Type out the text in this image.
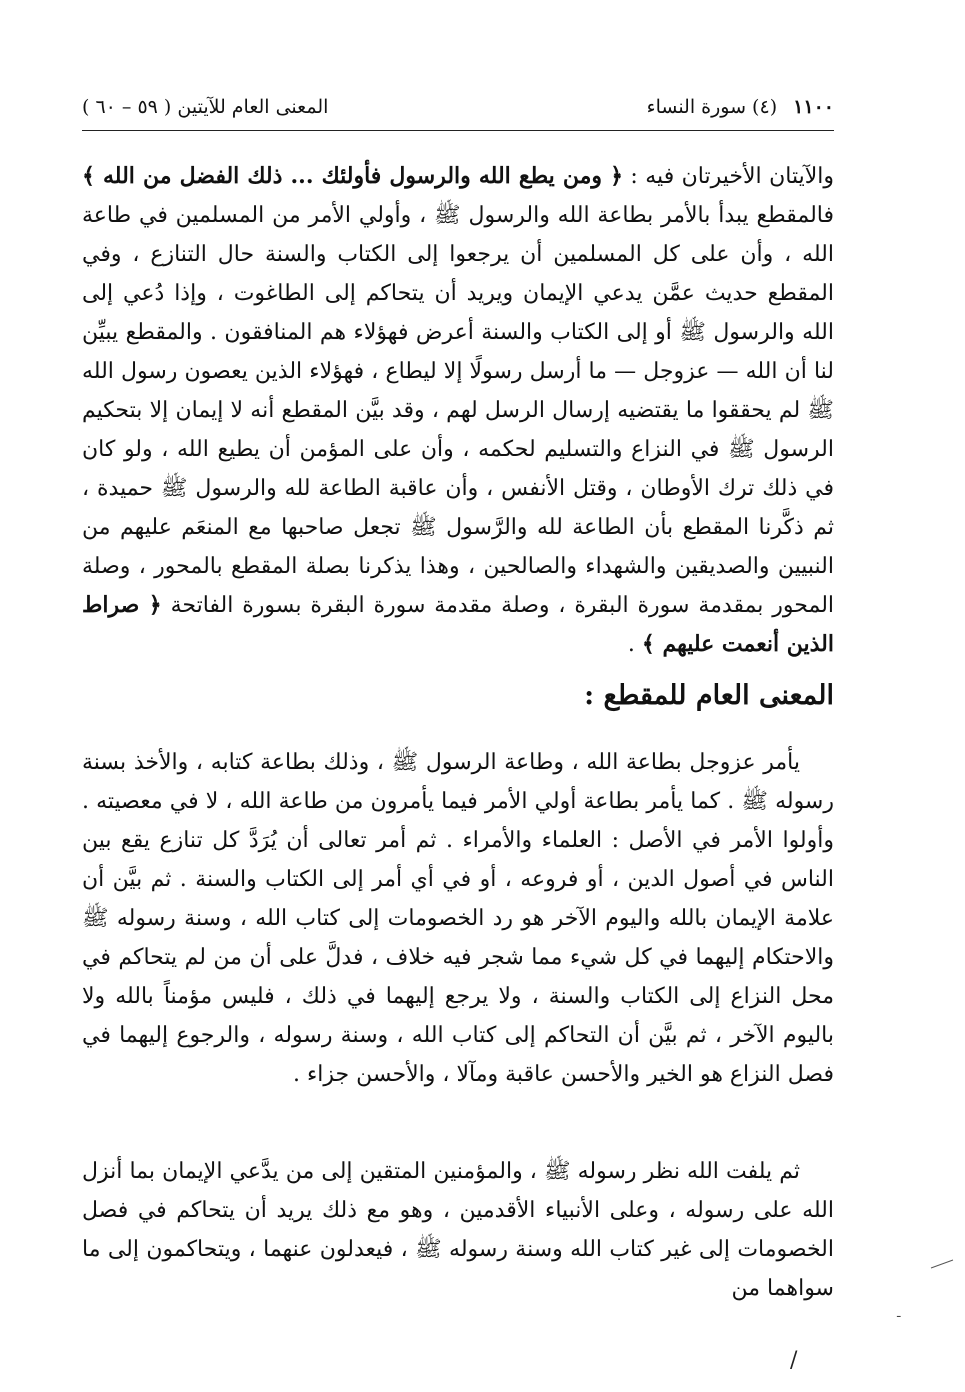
١١٠٠ (٤) سورة النساء
المعنى العام للآيتين ( ٥٩ – ٦٠ )

والآيتان الأخيرتان فيه : ﴿ ومن يطع الله والرسول فأولئك ... ذلك الفضل من الله ﴾ فالمقطع يبدأ بالأمر بطاعة الله والرسول ﷺ ، وأولي الأمر من المسلمين في طاعة الله ، وأن على كل المسلمين أن يرجعوا إلى الكتاب والسنة حال التنازع ، وفي المقطع حديث عمَّن يدعي الإيمان ويريد أن يتحاكم إلى الطاغوت ، وإذا دُعي إلى الله والرسول ﷺ أو إلى الكتاب والسنة أعرض فهؤلاء هم المنافقون . والمقطع يبيِّن لنا أن الله — عزوجل — ما أرسل رسولًا إلا ليطاع ، فهؤلاء الذين يعصون رسول الله ﷺ لم يحققوا ما يقتضيه إرسال الرسل لهم ، وقد بيَّن المقطع أنه لا إيمان إلا بتحكيم الرسول ﷺ في النزاع والتسليم لحكمه ، وأن على المؤمن أن يطيع الله ، ولو كان في ذلك ترك الأوطان ، وقتل الأنفس ، وأن عاقبة الطاعة لله والرسول ﷺ حميدة ، ثم ذكَّرنا المقطع بأن الطاعة لله والرَّسول ﷺ تجعل صاحبها مع المنعَم عليهم من النبيين والصديقين والشهداء والصالحين ، وهذا يذكرنا بصلة المقطع بالمحور ، وصلة المحور بمقدمة سورة البقرة ، وصلة مقدمة سورة البقرة بسورة الفاتحة ﴿ صراط الذين أنعمت عليهم ﴾ .

المعنى العام للمقطع :

يأمر عزوجل بطاعة الله ، وطاعة الرسول ﷺ ، وذلك بطاعة كتابه ، والأخذ بسنة رسوله ﷺ . كما يأمر بطاعة أولي الأمر فيما يأمرون من طاعة الله ، لا في معصيته . وأولوا الأمر في الأصل : العلماء والأمراء . ثم أمر تعالى أن يُرَدَّ كل تنازع يقع بين الناس في أصول الدين ، أو فروعه ، أو في أي أمر إلى الكتاب والسنة . ثم بيَّن أن علامة الإيمان بالله واليوم الآخر هو رد الخصومات إلى كتاب الله ، وسنة رسوله ﷺ والاحتكام إليهما في كل شيء مما شجر فيه خلاف ، فدلَّ على أن من لم يتحاكم في محل النزاع إلى الكتاب والسنة ، ولا يرجع إليهما في ذلك ، فليس مؤمناً بالله ولا باليوم الآخر ، ثم بيَّن أن التحاكم إلى كتاب الله ، وسنة رسوله ، والرجوع إليهما في فصل النزاع هو الخير والأحسن عاقبة ومآلا ، والأحسن جزاء .

ثم يلفت الله نظر رسوله ﷺ ، والمؤمنين المتقين إلى من يدَّعي الإيمان بما أنزل الله على رسوله ، وعلى الأنبياء الأقدمين ، وهو مع ذلك يريد أن يتحاكم في فصل الخصومات إلى غير كتاب الله وسنة رسوله ﷺ ، فيعدلون عنهما ، ويتحاكمون إلى ما سواهما من

ـ
/
